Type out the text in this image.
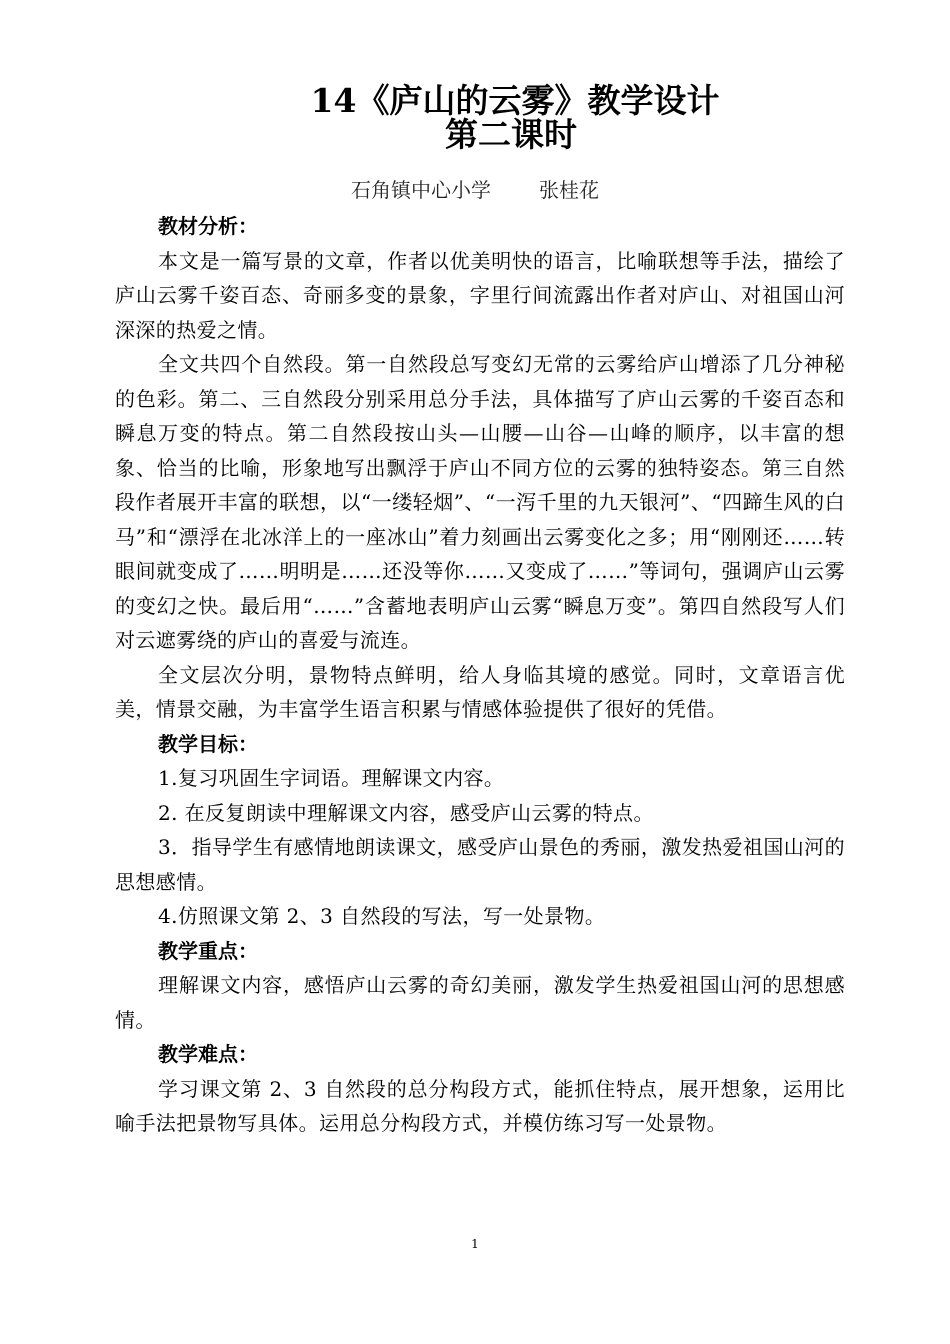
14《庐山的云雾》教学设计
第二课时
石角镇中心小学 张桂花

教材分析：

本文是一篇写景的文章，作者以优美明快的语言，比喻联想等手法，描绘了庐山云雾千姿百态、奇丽多变的景象，字里行间流露出作者对庐山、对祖国山河深深的热爱之情。

全文共四个自然段。第一自然段总写变幻无常的云雾给庐山增添了几分神秘的色彩。第二、三自然段分别采用总分手法，具体描写了庐山云雾的千姿百态和瞬息万变的特点。第二自然段按山头—山腰—山谷—山峰的顺序，以丰富的想象、恰当的比喻，形象地写出飘浮于庐山不同方位的云雾的独特姿态。第三自然段作者展开丰富的联想，以“一缕轻烟”、“一泻千里的九天银河”、“四蹄生风的白马”和“漂浮在北冰洋上的一座冰山”着力刻画出云雾变化之多；用“刚刚还……转眼间就变成了……明明是……还没等你……又变成了……”等词句，强调庐山云雾的变幻之快。最后用“……”含蓄地表明庐山云雾“瞬息万变”。第四自然段写人们对云遮雾绕的庐山的喜爱与流连。

全文层次分明，景物特点鲜明，给人身临其境的感觉。同时，文章语言优美，情景交融，为丰富学生语言积累与情感体验提供了很好的凭借。

教学目标：

1.复习巩固生字词语。理解课文内容。

2. 在反复朗读中理解课文内容，感受庐山云雾的特点。

3．指导学生有感情地朗读课文，感受庐山景色的秀丽，激发热爱祖国山河的思想感情。

4.仿照课文第 2、3 自然段的写法，写一处景物。

教学重点：

理解课文内容，感悟庐山云雾的奇幻美丽，激发学生热爱祖国山河的思想感情。

教学难点：

学习课文第 2、3 自然段的总分构段方式，能抓住特点，展开想象，运用比喻手法把景物写具体。运用总分构段方式，并模仿练习写一处景物。

1
